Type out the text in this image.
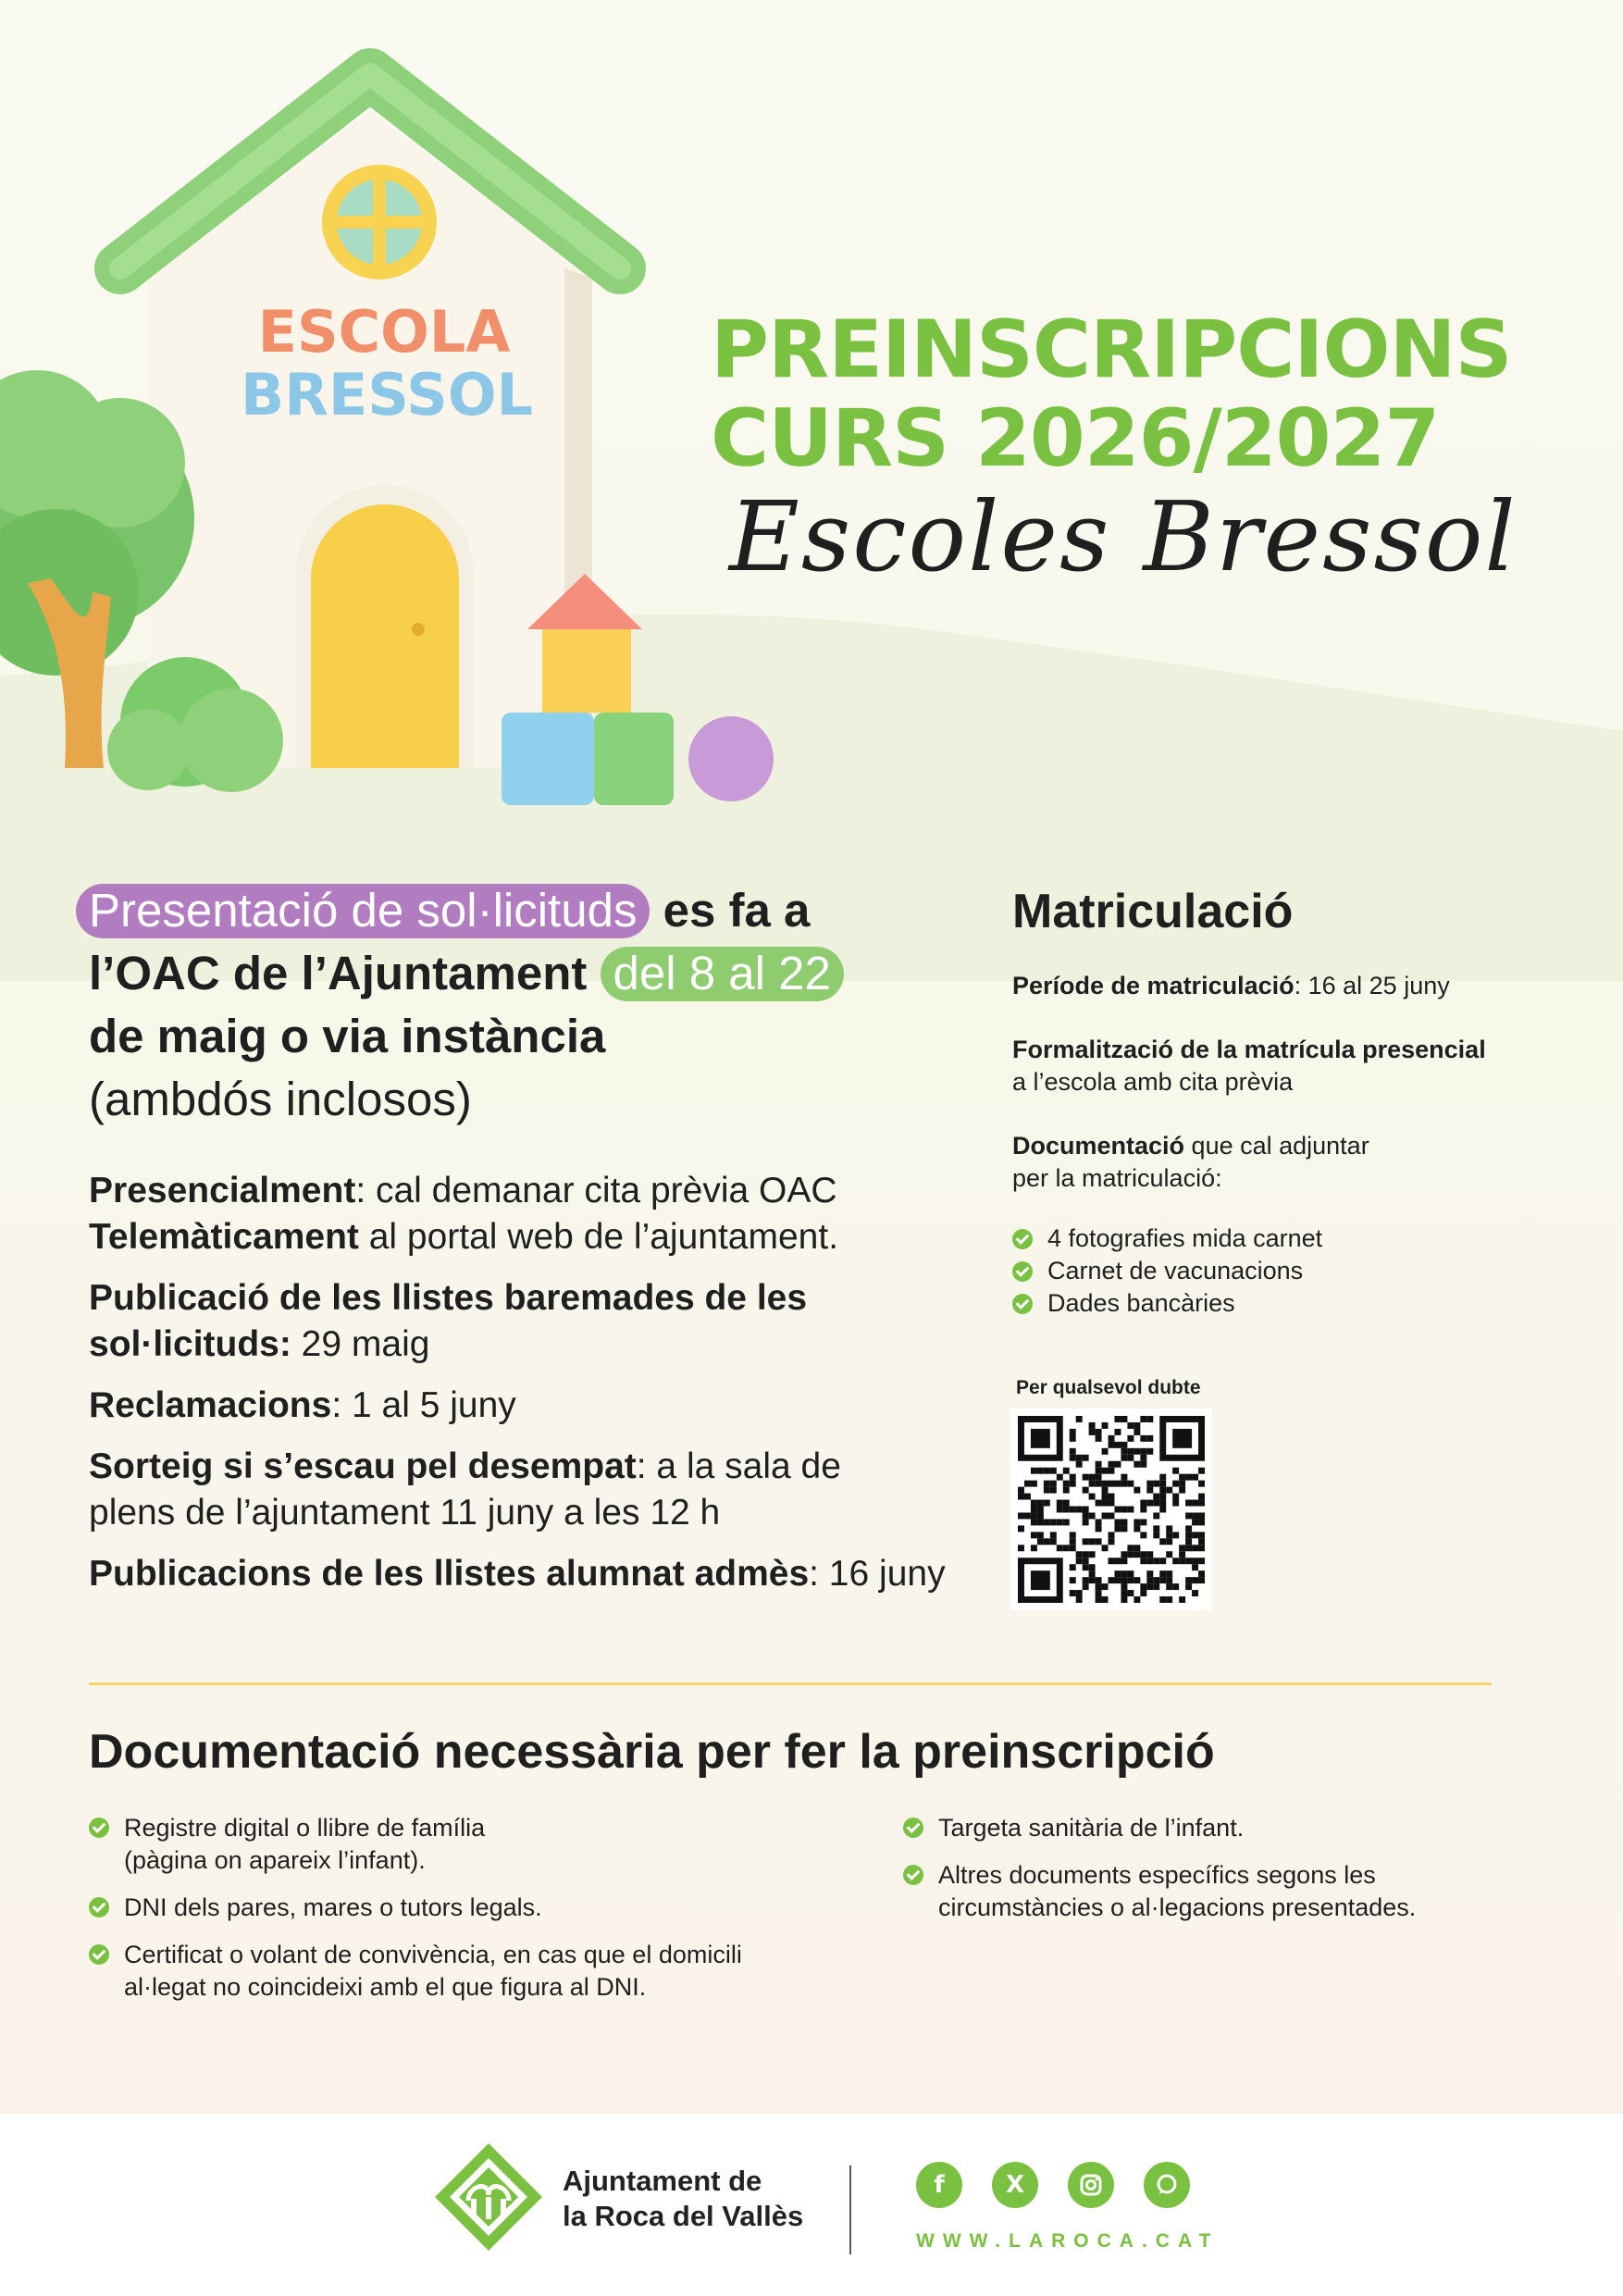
ESCOLA
BRESSOL PREINSCRIPCIONS
CURS 2026/2027
Escoles Bressol

Presentació de sol·licituds es fa a

l’OAC de l’Ajuntament del 8 al 22

de maig o via instància

(ambdós inclosos)

Presencialment: cal demanar cita prèvia OAC
Telemàticament al portal web de l’ajuntament.
Publicació de les llistes baremades de les sol·licituds: 29 maig
Reclamacions: 1 al 5 juny
Sorteig si s’escau pel desempat: a la sala de plens de l’ajuntament 11 juny a les 12 h
Publicacions de les llistes alumnat admès: 16 juny
Matriculació
Període de matriculació: 16 al 25 juny
Formalització de la matrícula presencial
a l’escola amb cita prèvia
Documentació que cal adjuntar
per la matriculació:
4 fotografies mida carnet
Carnet de vacunacions
Dades bancàries
Per qualsevol dubte
Documentació necessària per fer la preinscripció
Registre digital o llibre de família
(pàgina on apareix l’infant).
DNI dels pares, mares o tutors legals.
Certificat o volant de convivència, en cas que el domicili
al·legat no coincideixi amb el que figura al DNI.
Targeta sanitària de l’infant.
Altres documents específics segons les
circumstàncies o al·legacions presentades.
Ajuntament de
la Roca del Vallès
f	X
WWW.LAROCA.CAT
